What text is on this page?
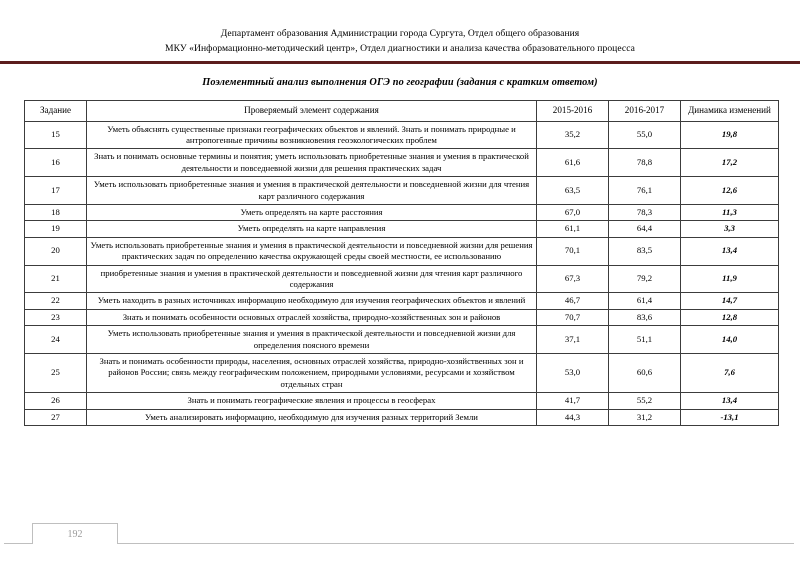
Департамент образования Администрации города Сургута, Отдел общего образования
МКУ «Информационно-методический центр», Отдел диагностики и анализа качества образовательного процесса
Поэлементный анализ выполнения ОГЭ по географии (задания с кратким ответом)
Задание	Проверяемый элемент содержания	2015-2016	2016-2017	Динамика изменений
15	Уметь объяснять существенные признаки географических объектов и явлений. Знать и понимать природные и антропогенные причины возникновения геоэкологических проблем	35,2	55,0	19,8
16	Знать и понимать основные термины и понятия; уметь использовать приобретенные знания и умения в практической деятельности и повседневной жизни для решения практических задач	61,6	78,8	17,2
17	Уметь использовать приобретенные знания и умения в практической деятельности и повседневной жизни для чтения карт различного содержания	63,5	76,1	12,6
18	Уметь определять на карте расстояния	67,0	78,3	11,3
19	Уметь определять на карте направления	61,1	64,4	3,3
20	Уметь использовать приобретенные знания и умения в практической деятельности и повседневной жизни для решения практических задач по определению качества окружающей среды своей местности, ее использованию	70,1	83,5	13,4
21	приобретенные знания и умения в практической деятельности и повседневной жизни для чтения карт различного содержания	67,3	79,2	11,9
22	Уметь находить в разных источниках информацию необходимую для изучения географических объектов и явлений	46,7	61,4	14,7
23	Знать и понимать особенности основных отраслей хозяйства, природно-хозяйственных зон и районов	70,7	83,6	12,8
24	Уметь использовать приобретенные знания и умения в практической деятельности и повседневной жизни для определения поясного времени	37,1	51,1	14,0
25	Знать и понимать особенности природы, населения, основных отраслей хозяйства, природно-хозяйственных зон и районов России; связь между географическим положением, природными условиями, ресурсами и хозяйством отдельных стран	53,0	60,6	7,6
26	Знать и понимать географические явления и процессы в геосферах	41,7	55,2	13,4
27	Уметь анализировать информацию, необходимую для изучения разных территорий Земли	44,3	31,2	-13,1
192
